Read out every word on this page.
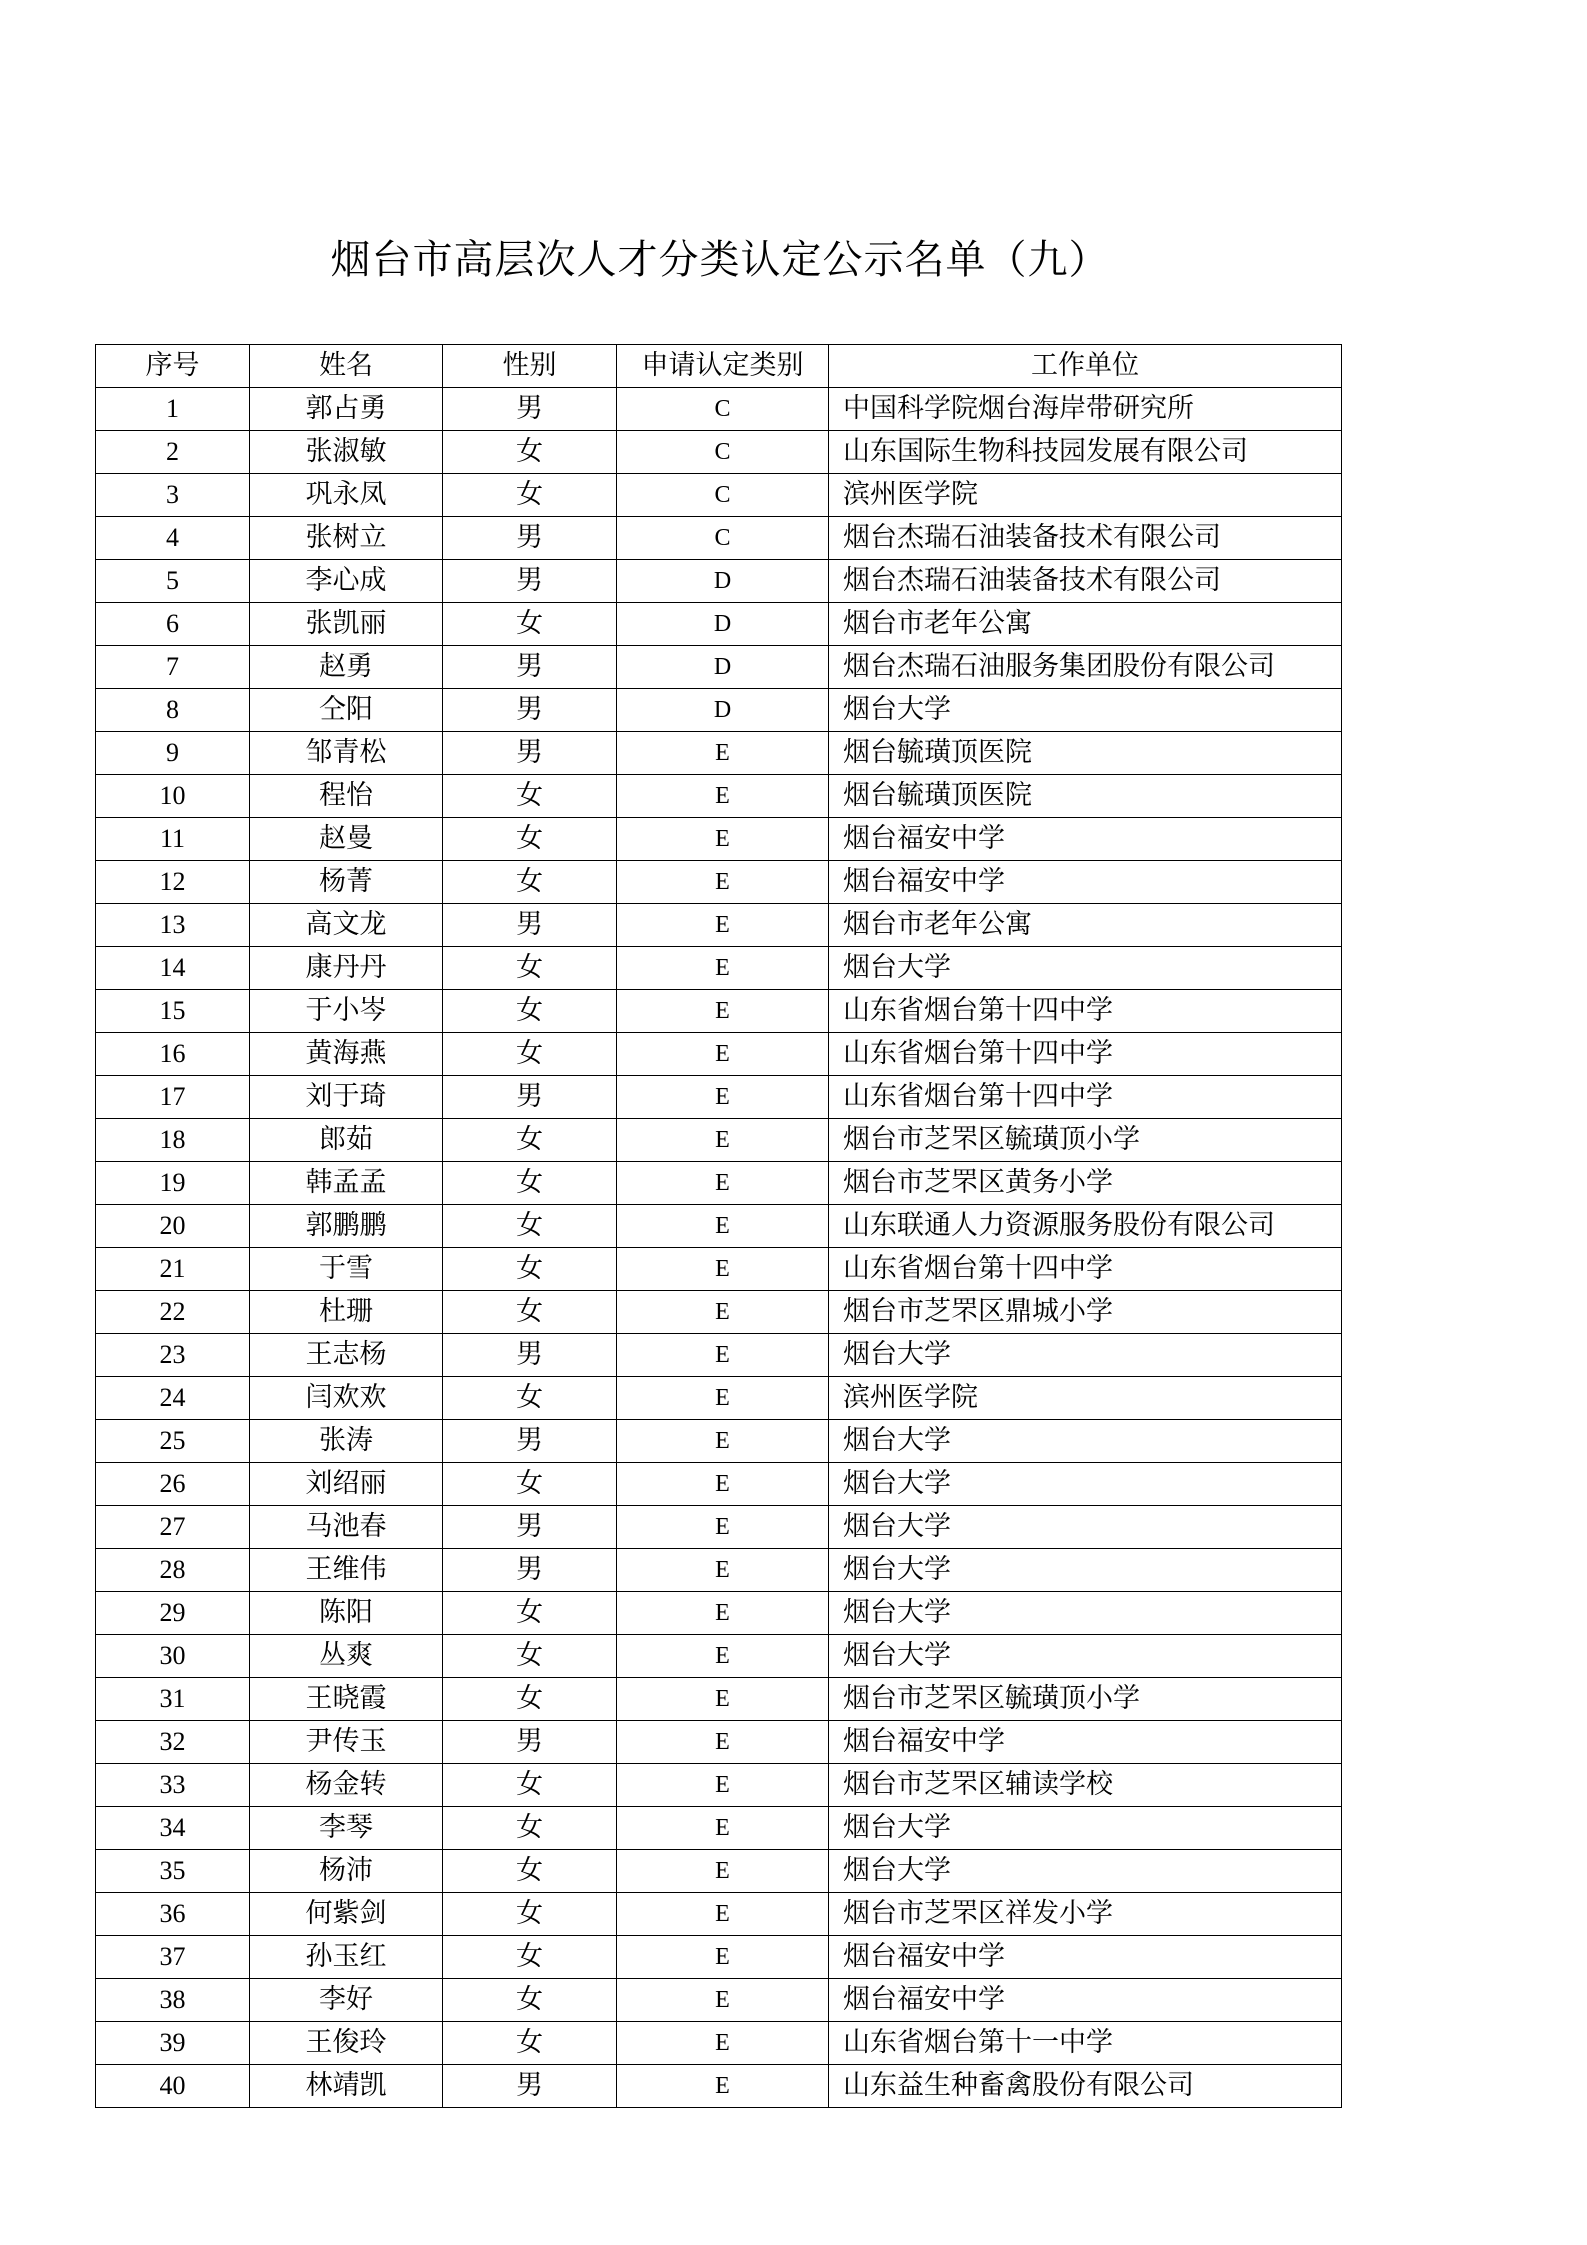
烟台市高层次人才分类认定公示名单（九）
序号	姓名	性别	申请认定类别	工作单位
1	郭占勇	男	C	中国科学院烟台海岸带研究所
2	张淑敏	女	C	山东国际生物科技园发展有限公司
3	巩永凤	女	C	滨州医学院
4	张树立	男	C	烟台杰瑞石油装备技术有限公司
5	李心成	男	D	烟台杰瑞石油装备技术有限公司
6	张凯丽	女	D	烟台市老年公寓
7	赵勇	男	D	烟台杰瑞石油服务集团股份有限公司
8	仝阳	男	D	烟台大学
9	邹青松	男	E	烟台毓璜顶医院
10	程怡	女	E	烟台毓璜顶医院
11	赵曼	女	E	烟台福安中学
12	杨菁	女	E	烟台福安中学
13	高文龙	男	E	烟台市老年公寓
14	康丹丹	女	E	烟台大学
15	于小岑	女	E	山东省烟台第十四中学
16	黄海燕	女	E	山东省烟台第十四中学
17	刘于琦	男	E	山东省烟台第十四中学
18	郎茹	女	E	烟台市芝罘区毓璜顶小学
19	韩孟孟	女	E	烟台市芝罘区黄务小学
20	郭鹏鹏	女	E	山东联通人力资源服务股份有限公司
21	于雪	女	E	山东省烟台第十四中学
22	杜珊	女	E	烟台市芝罘区鼎城小学
23	王志杨	男	E	烟台大学
24	闫欢欢	女	E	滨州医学院
25	张涛	男	E	烟台大学
26	刘绍丽	女	E	烟台大学
27	马池春	男	E	烟台大学
28	王维伟	男	E	烟台大学
29	陈阳	女	E	烟台大学
30	丛爽	女	E	烟台大学
31	王晓霞	女	E	烟台市芝罘区毓璜顶小学
32	尹传玉	男	E	烟台福安中学
33	杨金转	女	E	烟台市芝罘区辅读学校
34	李琴	女	E	烟台大学
35	杨沛	女	E	烟台大学
36	何紫剑	女	E	烟台市芝罘区祥发小学
37	孙玉红	女	E	烟台福安中学
38	李好	女	E	烟台福安中学
39	王俊玲	女	E	山东省烟台第十一中学
40	林靖凯	男	E	山东益生种畜禽股份有限公司
